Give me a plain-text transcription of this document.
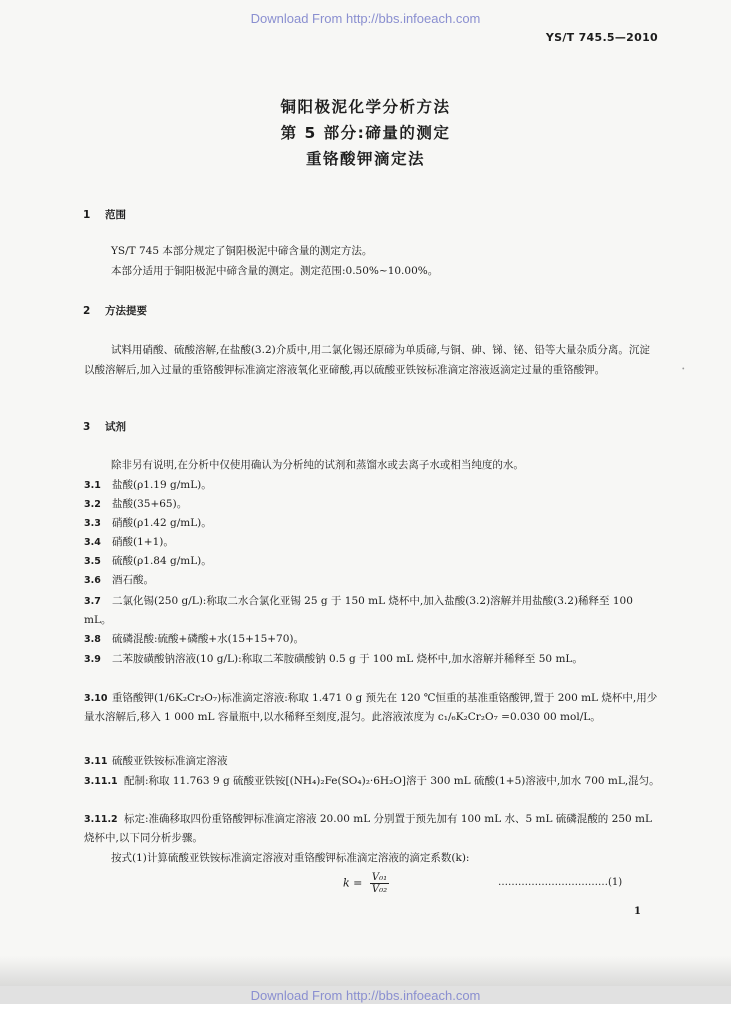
Download From http://bbs.infoeach.com
YS/T 745.5—2010
铜阳极泥化学分析方法
第 5 部分:碲量的测定
重铬酸钾滴定法
1 范围
YS/T 745 本部分规定了铜阳极泥中碲含量的测定方法。
本部分适用于铜阳极泥中碲含量的测定。测定范围:0.50%~10.00%。
2 方法提要
试料用硝酸、硫酸溶解,在盐酸(3.2)介质中,用二氯化锡还原碲为单质碲,与铜、砷、锑、铋、铅等大量杂质分离。沉淀以酸溶解后,加入过量的重铬酸钾标准滴定溶液氧化亚碲酸,再以硫酸亚铁铵标准滴定溶液返滴定过量的重铬酸钾。	•
3 试剂
除非另有说明,在分析中仅使用确认为分析纯的试剂和蒸馏水或去离子水或相当纯度的水。
3.1 盐酸(ρ1.19 g/mL)。
3.2 盐酸(35+65)。
3.3 硝酸(ρ1.42 g/mL)。
3.4 硝酸(1+1)。
3.5 硫酸(ρ1.84 g/mL)。
3.6 酒石酸。
3.7 二氯化锡(250 g/L):称取二水合氯化亚锡 25 g 于 150 mL 烧杯中,加入盐酸(3.2)溶解并用盐酸(3.2)稀释至 100 mL。
3.8 硫磷混酸:硫酸+磷酸+水(15+15+70)。
3.9 二苯胺磺酸钠溶液(10 g/L):称取二苯胺磺酸钠 0.5 g 于 100 mL 烧杯中,加水溶解并稀释至 50 mL。
3.10 重铬酸钾(1/6K₂Cr₂O₇)标准滴定溶液:称取 1.471 0 g 预先在 120 ℃恒重的基准重铬酸钾,置于 200 mL 烧杯中,用少量水溶解后,移入 1 000 mL 容量瓶中,以水稀释至刻度,混匀。此溶液浓度为 c₁/₆K₂Cr₂O₇ =0.030 00 mol/L。
3.11 硫酸亚铁铵标准滴定溶液
3.11.1 配制:称取 11.763 9 g 硫酸亚铁铵[(NH₄)₂Fe(SO₄)₂·6H₂O]溶于 300 mL 硫酸(1+5)溶液中,加水 700 mL,混匀。
3.11.2 标定:准确移取四份重铬酸钾标准滴定溶液 20.00 mL 分别置于预先加有 100 mL 水、5 mL 硫磷混酸的 250 mL 烧杯中,以下同分析步骤。
按式(1)计算硫酸亚铁铵标准滴定溶液对重铬酸钾标准滴定溶液的滴定系数(k):
$k = \frac{\text{V₀₁}}{\text{V₀₂}}$	……………………………(1)
1
Download From http://bbs.infoeach.com
